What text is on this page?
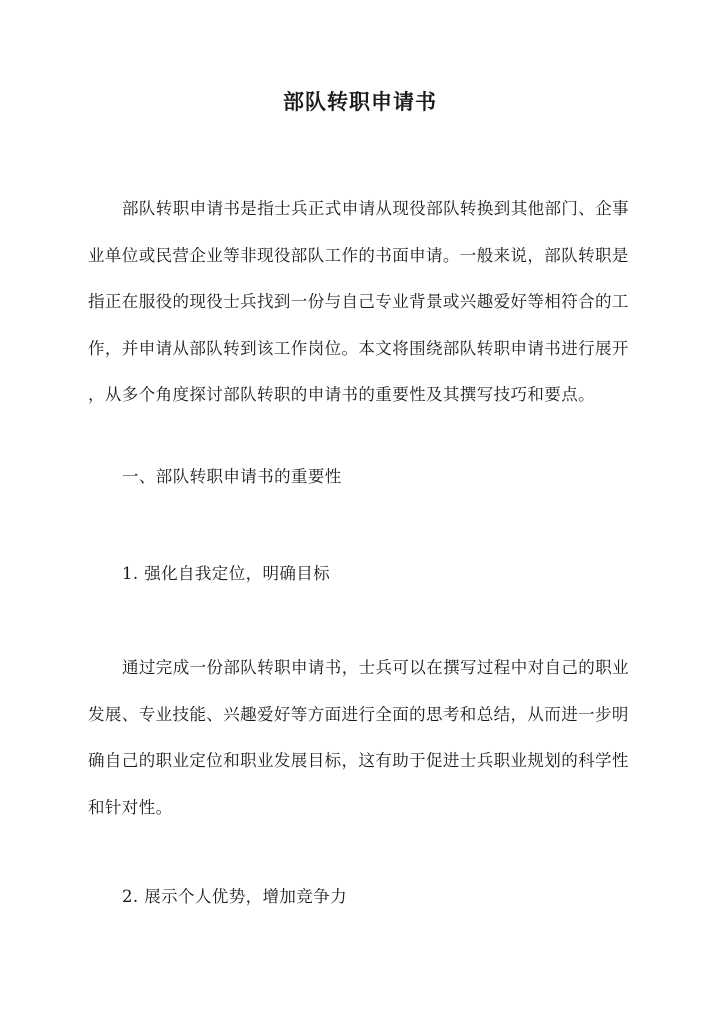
部队转职申请书
部队转职申请书是指士兵正式申请从现役部队转换到其他部门、企事
业单位或民营企业等非现役部队工作的书面申请。一般来说，部队转职是
指正在服役的现役士兵找到一份与自己专业背景或兴趣爱好等相符合的工
作，并申请从部队转到该工作岗位。本文将围绕部队转职申请书进行展开
，从多个角度探讨部队转职的申请书的重要性及其撰写技巧和要点。
一、部队转职申请书的重要性
1. 强化自我定位，明确目标
通过完成一份部队转职申请书，士兵可以在撰写过程中对自己的职业
发展、专业技能、兴趣爱好等方面进行全面的思考和总结，从而进一步明
确自己的职业定位和职业发展目标，这有助于促进士兵职业规划的科学性
和针对性。
2. 展示个人优势，增加竞争力
